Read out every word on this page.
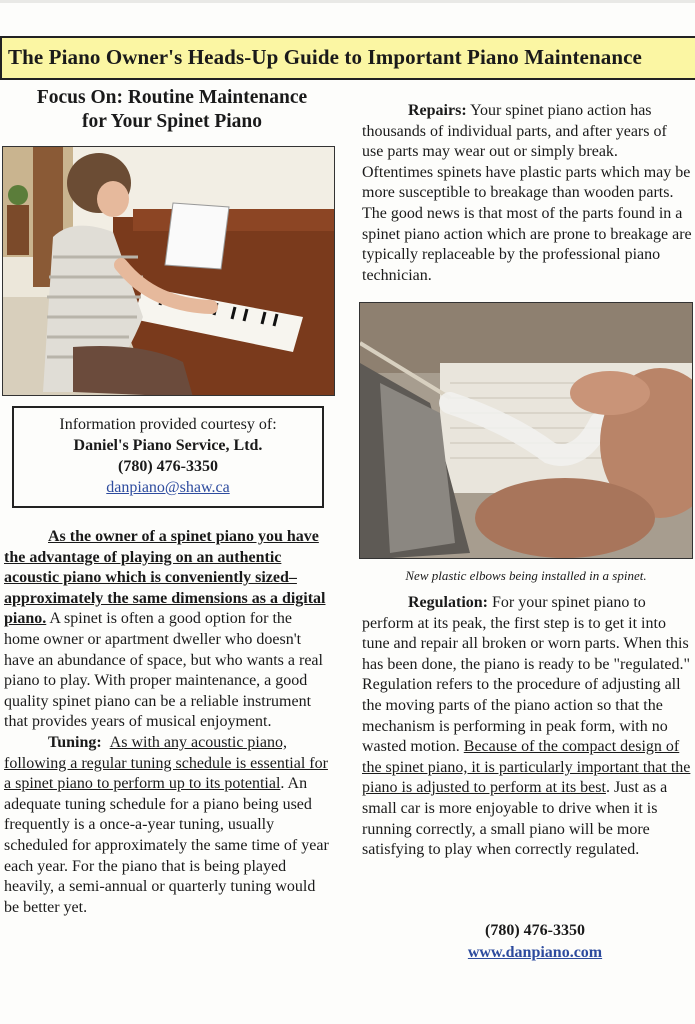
The Piano Owner's Heads-Up Guide to Important Piano Maintenance

Focus On: Routine Maintenance
for Your Spinet Piano

Information provided courtesy of:
Daniel's Piano Service, Ltd.
(780) 476-3350
danpiano@shaw.ca

As the owner of a spinet piano you have the advantage of playing on an authentic acoustic piano which is conveniently sized–approximately the same dimensions as a digital piano. A spinet is often a good option for the home owner or apartment dweller who doesn't have an abundance of space, but who wants a real piano to play. With proper maintenance, a good quality spinet piano can be a reliable instrument that provides years of musical enjoyment.

Tuning: As with any acoustic piano, following a regular tuning schedule is essential for a spinet piano to perform up to its potential. An adequate tuning schedule for a piano being used frequently is a once-a-year tuning, usually scheduled for approximately the same time of year each year. For the piano that is being played heavily, a semi-annual or quarterly tuning would be better yet.

Repairs: Your spinet piano action has thousands of individual parts, and after years of use parts may wear out or simply break. Oftentimes spinets have plastic parts which may be more susceptible to breakage than wooden parts. The good news is that most of the parts found in a spinet piano action which are prone to breakage are typically replaceable by the professional piano technician.
New plastic elbows being installed in a spinet.
Regulation: For your spinet piano to perform at its peak, the first step is to get it into tune and repair all broken or worn parts. When this has been done, the piano is ready to be "regulated." Regulation refers to the procedure of adjusting all the moving parts of the piano action so that the mechanism is performing in peak form, with no wasted motion. Because of the compact design of the spinet piano, it is particularly important that the piano is adjusted to perform at its best. Just as a small car is more enjoyable to drive when it is running correctly, a small piano will be more satisfying to play when correctly regulated.
(780) 476-3350
www.danpiano.com
